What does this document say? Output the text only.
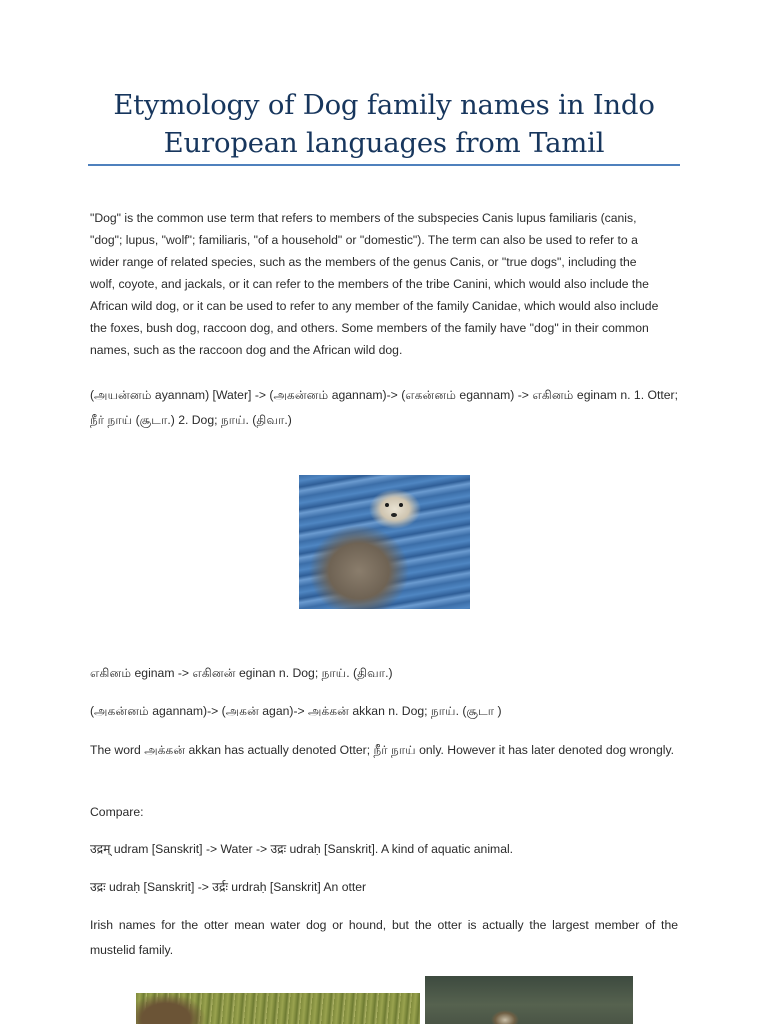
Etymology of Dog family names in Indo
European languages from Tamil
"Dog" is the common use term that refers to members of the subspecies Canis lupus familiaris (canis,
"dog"; lupus, "wolf"; familiaris, "of a household" or "domestic"). The term can also be used to refer to a
wider range of related species, such as the members of the genus Canis, or "true dogs", including the
wolf, coyote, and jackals, or it can refer to the members of the tribe Canini, which would also include the
African wild dog, or it can be used to refer to any member of the family Canidae, which would also include
the foxes, bush dog, raccoon dog, and others. Some members of the family have "dog" in their common
names, such as the raccoon dog and the African wild dog.

(அயன்னம் ayannam) [Water] -> (அகன்னம் agannam)-> (எகன்னம் egannam) -> எகினம் eginam n. 1. Otter; நீர் நாய் (சூடா.) 2. Dog; நாய். (திவா.)

எகினம் eginam -> எகினன் eginan n. Dog; நாய். (திவா.)

(அகன்னம் agannam)-> (அகன் agan)-> அக்கன் akkan n. Dog; நாய். (சூடா )

The word அக்கன் akkan has actually denoted Otter; நீர் நாய் only. However it has later denoted dog wrongly.

Compare:

उद्रम् udram [Sanskrit] -> Water -> उद्रः udraḥ [Sanskrit]. A kind of aquatic animal.

उद्रः udraḥ [Sanskrit] -> उर्द्रः urdraḥ [Sanskrit] An otter

Irish names for the otter mean water dog or hound, but the otter is actually the largest member of the mustelid family.
